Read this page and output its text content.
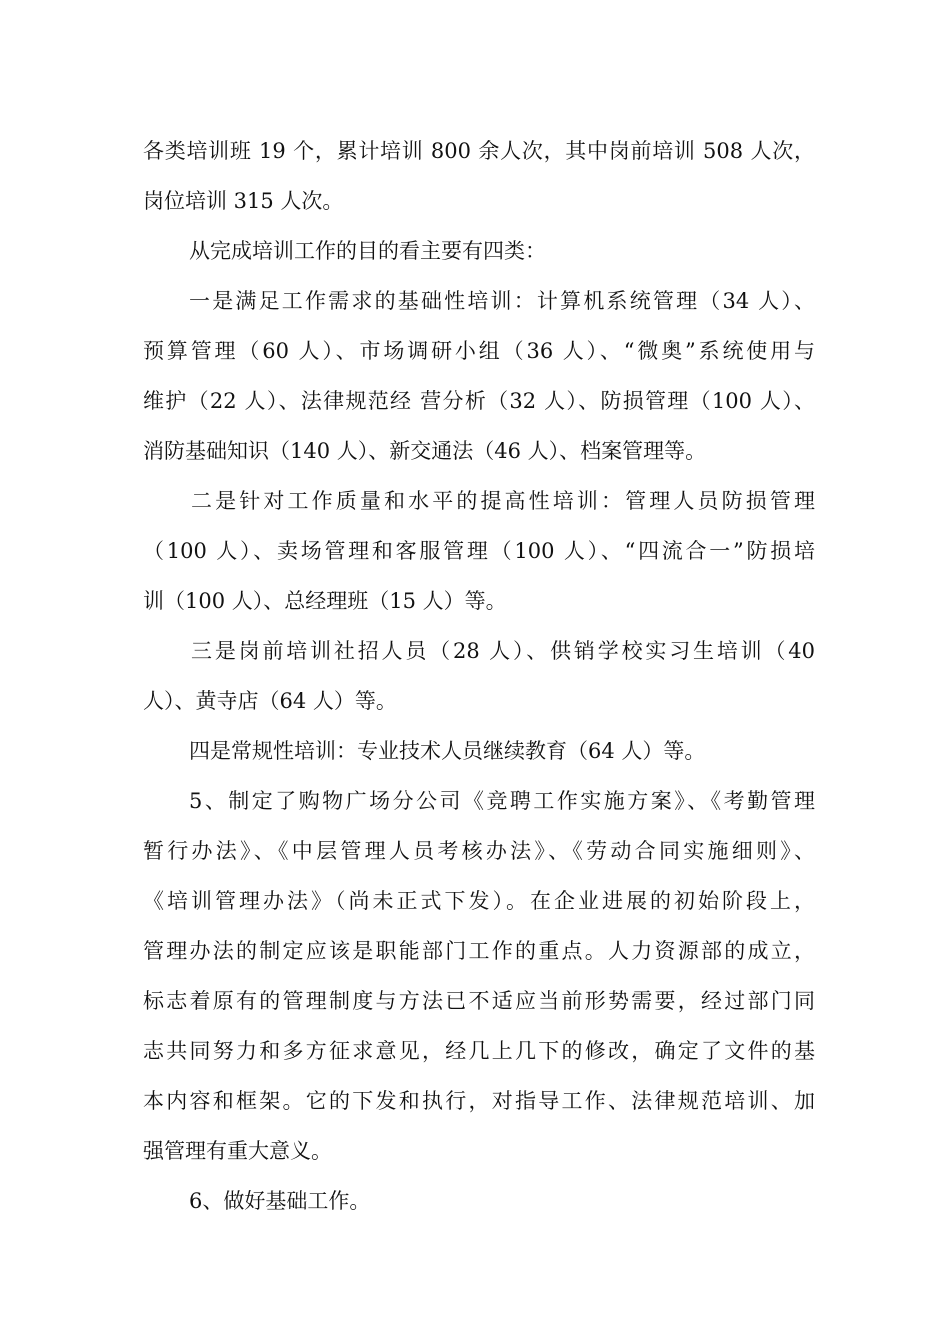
各类培训班 19 个，累计培训 800 余人次，其中岗前培训 508 人次，
岗位培训 315 人次。
从完成培训工作的目的看主要有四类：
一是满足工作需求的基础性培训：计算机系统管理（34 人）、
预算管理（60 人）、市场调研小组（36 人）、“微奥”系统使用与
维护（22 人）、法律规范经 营分析（32 人）、防损管理（100 人）、
消防基础知识（140 人）、新交通法（46 人）、档案管理等。
二是针对工作质量和水平的提高性培训：管理人员防损管理
（100 人）、卖场管理和客服管理（100 人）、“四流合一”防损培
训（100 人）、总经理班（15 人）等。
三是岗前培训社招人员（28 人）、供销学校实习生培训（40
人）、黄寺店（64 人）等。
四是常规性培训：专业技术人员继续教育（64 人）等。
5、制定了购物广场分公司《竞聘工作实施方案》、《考勤管理
暂行办法》、《中层管理人员考核办法》、《劳动合同实施细则》、
《培训管理办法》（尚未正式下发）。在企业进展的初始阶段上，
管理办法的制定应该是职能部门工作的重点。人力资源部的成立，
标志着原有的管理制度与方法已不适应当前形势需要，经过部门同
志共同努力和多方征求意见，经几上几下的修改，确定了文件的基
本内容和框架。它的下发和执行，对指导工作、法律规范培训、加
强管理有重大意义。
6、做好基础工作。
